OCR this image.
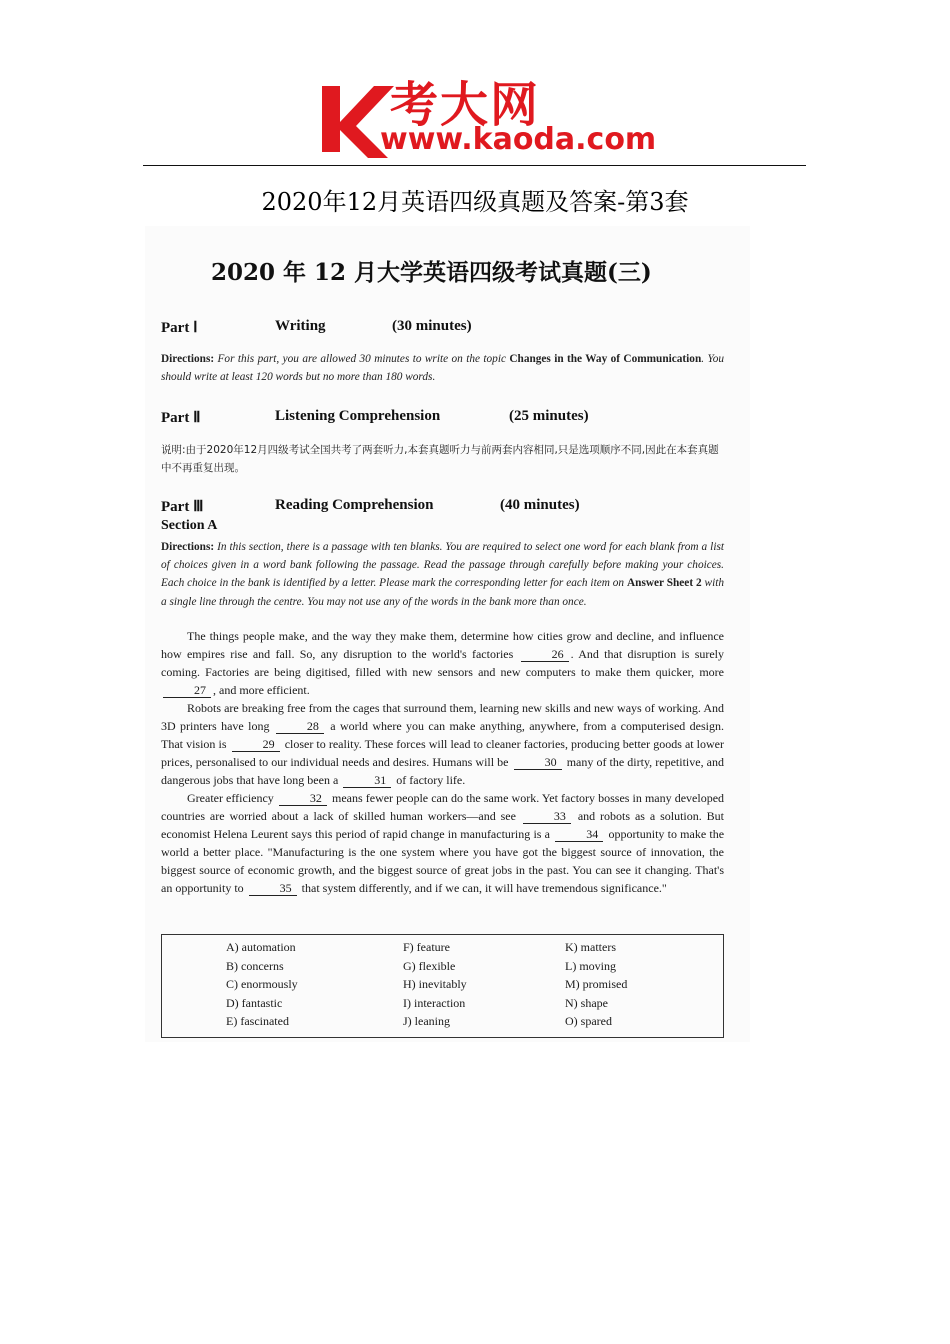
考大网
www.kaoda.com
2020年12月英语四级真题及答案-第3套
2020 年 12 月大学英语四级考试真题(三)
Part Ⅰ	Writing	(30 minutes)
Directions: For this part, you are allowed 30 minutes to write on the topic Changes in the Way of Communication. You should write at least 120 words but no more than 180 words.
Part Ⅱ	Listening Comprehension	(25 minutes)
说明:由于2020年12月四级考试全国共考了两套听力,本套真题听力与前两套内容相同,只是选项顺序不同,因此在本套真题中不再重复出现。
Part Ⅲ	Reading Comprehension	(40 minutes)
Section A
Directions: In this section, there is a passage with ten blanks. You are required to select one word for each blank from a list of choices given in a word bank following the passage. Read the passage through carefully before making your choices. Each choice in the bank is identified by a letter. Please mark the corresponding letter for each item on Answer Sheet 2 with a single line through the centre. You may not use any of the words in the bank more than once.

The things people make, and the way they make them, determine how cities grow and decline, and influence how empires rise and fall. So, any disruption to the world's factories	26 . And that disruption is surely coming. Factories are being digitised, filled with new sensors and new computers to make them quicker, more 27 , and more efficient.

Robots are breaking free from the cages that surround them, learning new skills and new ways of working. And 3D printers have long	28 a world where you can make anything, anywhere, from a computerised design. That vision is	29 closer to reality. These forces will lead to cleaner factories, producing better goods at lower prices, personalised to our individual needs and desires. Humans will be	30 many of the dirty, repetitive, and dangerous jobs that have long been a	31 of factory life.

Greater efficiency	32 means fewer people can do the same work. Yet factory bosses in many developed countries are worried about a lack of skilled human workers—and see	33 and robots as a solution. But economist Helena Leurent says this period of rapid change in manufacturing is a	34 opportunity to make the world a better place. "Manufacturing is the one system where you have got the biggest source of innovation, the biggest source of economic growth, and the biggest source of great jobs in the past. You can see it changing. That's an opportunity to	35 that system differently, and if we can, it will have tremendous significance."

A) automation	F) feature	K) matters
B) concerns	G) flexible	L) moving
C) enormously	H) inevitably	M) promised
D) fantastic	I) interaction	N) shape
E) fascinated	J) leaning	O) spared
